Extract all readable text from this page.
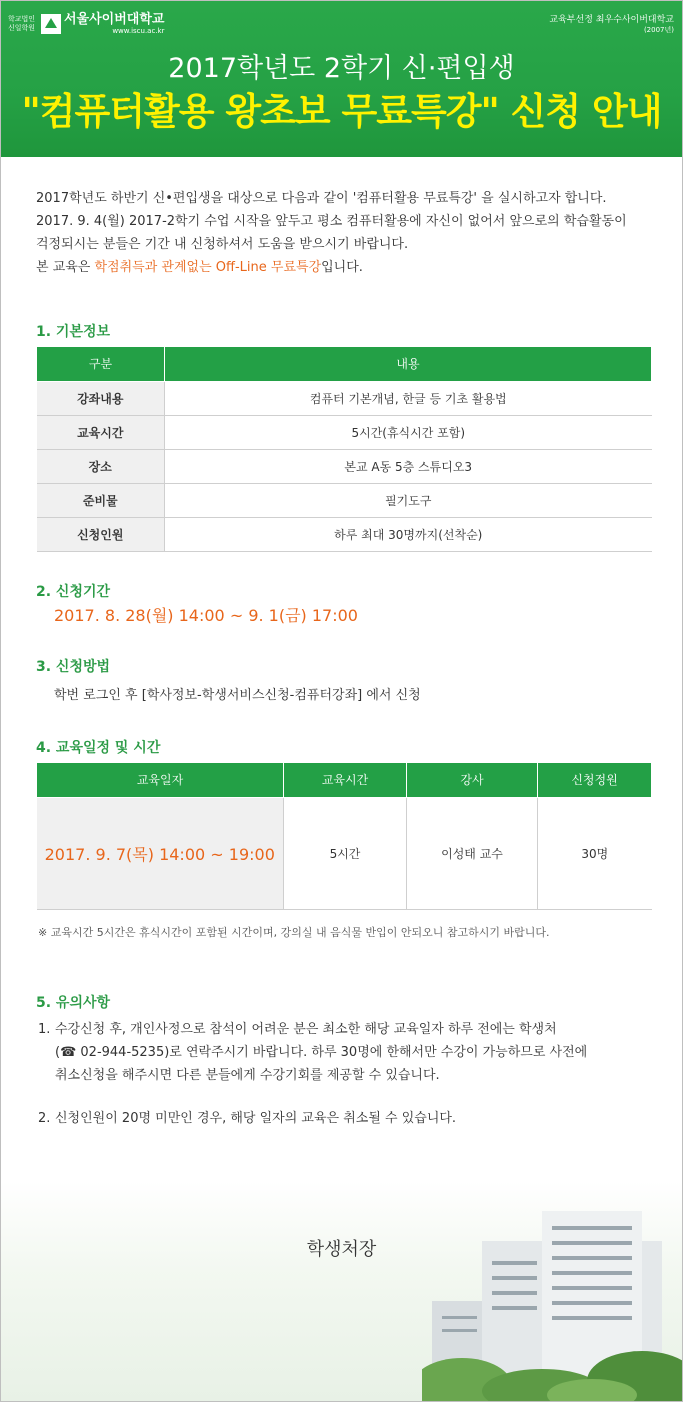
학교법인 신일학원
서울사이버대학교
www.iscu.ac.kr
교육부선정 최우수사이버대학교
(2007년)
2017학년도 2학기 신·편입생
"컴퓨터활용 왕초보 무료특강" 신청 안내
2017학년도 하반기 신•편입생을 대상으로 다음과 같이 '컴퓨터활용 무료특강' 을 실시하고자 합니다.
2017. 9. 4(월) 2017-2학기 수업 시작을 앞두고 평소 컴퓨터활용에 자신이 없어서 앞으로의 학습활동이
걱정되시는 분들은 기간 내 신청하셔서 도움을 받으시기 바랍니다.
본 교육은 학점취득과 관계없는 Off-Line 무료특강입니다.
1. 기본정보
구분	내용
강좌내용	컴퓨터 기본개념, 한글 등 기초 활용법
교육시간	5시간(휴식시간 포함)
장소	본교 A동 5층 스튜디오3
준비물	필기도구
신청인원	하루 최대 30명까지(선착순)
2. 신청기간
2017. 8. 28(월) 14:00 ~ 9. 1(금) 17:00
3. 신청방법
학번 로그인 후 [학사정보-학생서비스신청-컴퓨터강좌] 에서 신청
4. 교육일정 및 시간
교육일자	교육시간	강사	신청정원
2017. 9. 7(목) 14:00 ~ 19:00	5시간	이성태 교수	30명
※ 교육시간 5시간은 휴식시간이 포함된 시간이며, 강의실 내 음식물 반입이 안되오니 참고하시기 바랍니다.
5. 유의사항
1. 수강신청 후, 개인사정으로 참석이 어려운 분은 최소한 해당 교육일자 하루 전에는 학생처
(☎ 02-944-5235)로 연락주시기 바랍니다. 하루 30명에 한해서만 수강이 가능하므로 사전에
취소신청을 해주시면 다른 분들에게 수강기회를 제공할 수 있습니다.
2. 신청인원이 20명 미만인 경우, 해당 일자의 교육은 취소될 수 있습니다.
학생처장
